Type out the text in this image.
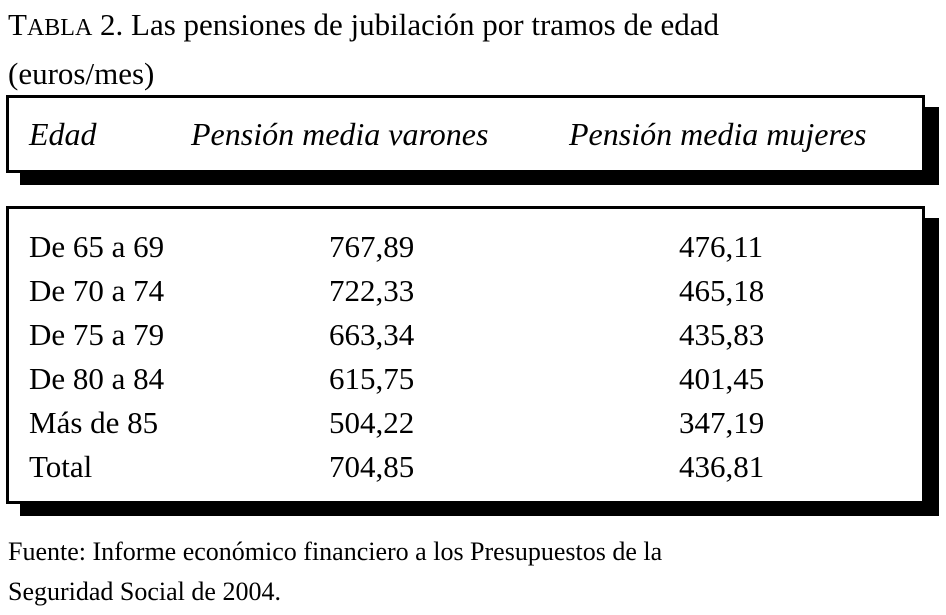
TABLA 2. Las pensiones de jubilación por tramos de edad
(euros/mes)
Edad	Pensión media varones	Pensión media mujeres
De 65 a 69	767,89	476,11
De 70 a 74	722,33	465,18
De 75 a 79	663,34	435,83
De 80 a 84	615,75	401,45
Más de 85	504,22	347,19
Total	704,85	436,81
Fuente: Informe económico financiero a los Presupuestos de la
Seguridad Social de 2004.
